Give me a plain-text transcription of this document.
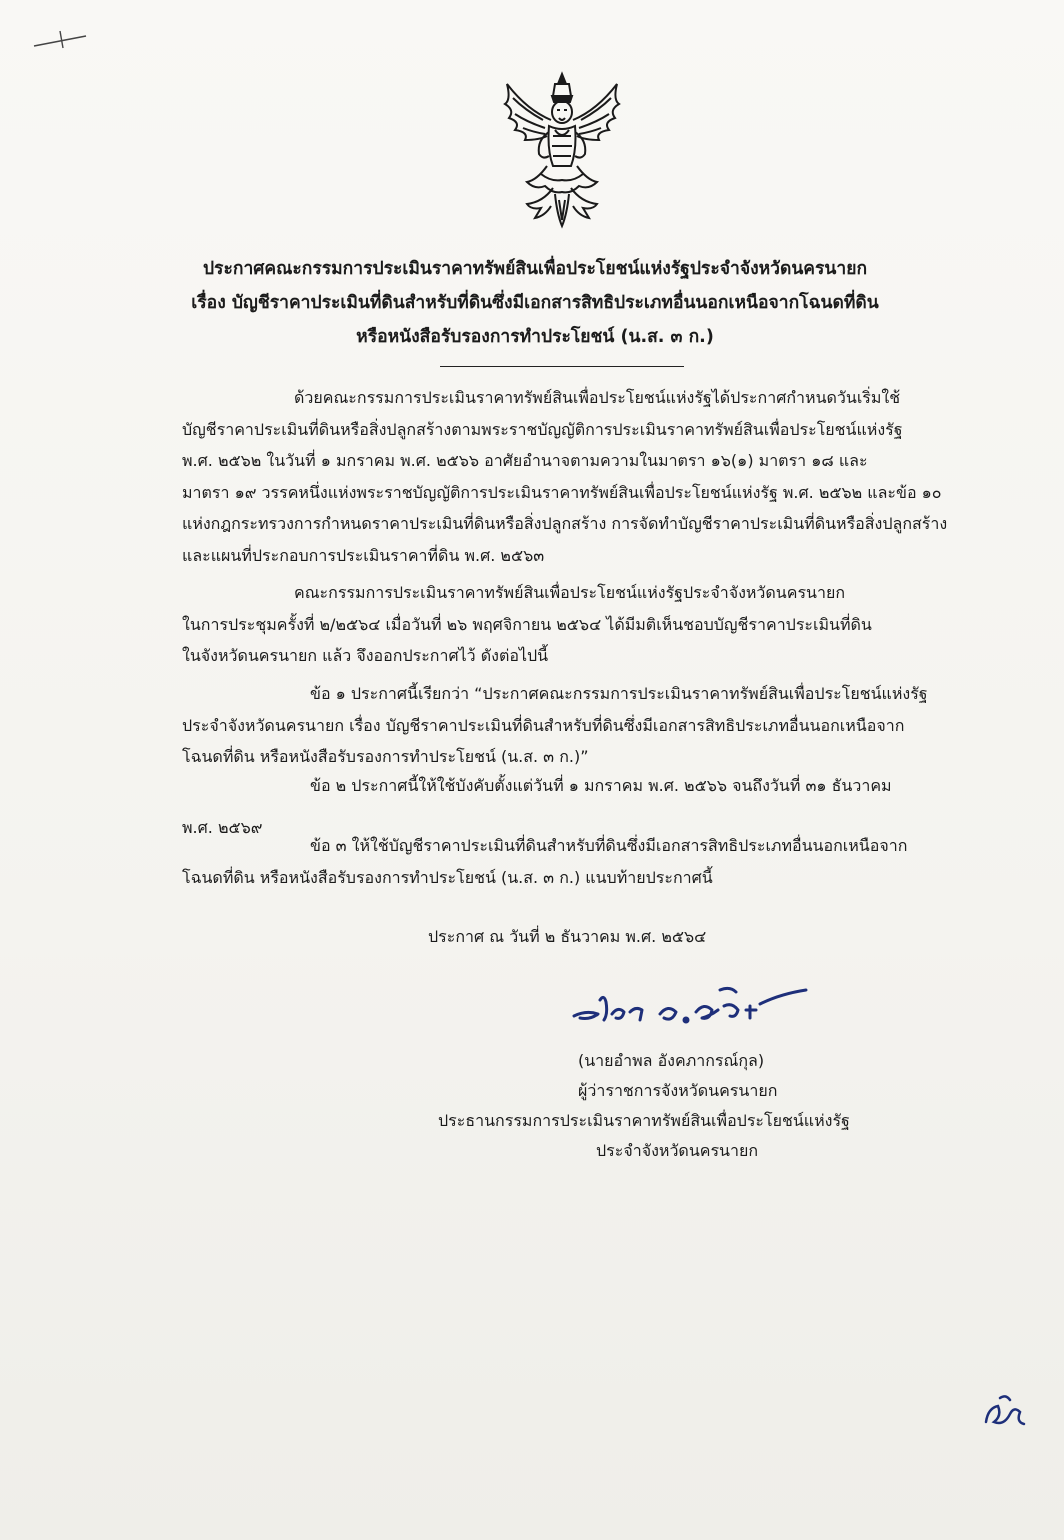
ประกาศคณะกรรมการประเมินราคาทรัพย์สินเพื่อประโยชน์แห่งรัฐประจำจังหวัดนครนายก
เรื่อง บัญชีราคาประเมินที่ดินสำหรับที่ดินซึ่งมีเอกสารสิทธิประเภทอื่นนอกเหนือจากโฉนดที่ดิน
หรือหนังสือรับรองการทำประโยชน์ (น.ส. ๓ ก.)
ด้วยคณะกรรมการประเมินราคาทรัพย์สินเพื่อประโยชน์แห่งรัฐได้ประกาศกำหนดวันเริ่มใช้
บัญชีราคาประเมินที่ดินหรือสิ่งปลูกสร้างตามพระราชบัญญัติการประเมินราคาทรัพย์สินเพื่อประโยชน์แห่งรัฐ
พ.ศ. ๒๕๖๒ ในวันที่ ๑ มกราคม พ.ศ. ๒๕๖๖ อาศัยอำนาจตามความในมาตรา ๑๖(๑) มาตรา ๑๘ และ
มาตรา ๑๙ วรรคหนึ่งแห่งพระราชบัญญัติการประเมินราคาทรัพย์สินเพื่อประโยชน์แห่งรัฐ พ.ศ. ๒๕๖๒ และข้อ ๑๐
แห่งกฎกระทรวงการกำหนดราคาประเมินที่ดินหรือสิ่งปลูกสร้าง การจัดทำบัญชีราคาประเมินที่ดินหรือสิ่งปลูกสร้าง
และแผนที่ประกอบการประเมินราคาที่ดิน พ.ศ. ๒๕๖๓
คณะกรรมการประเมินราคาทรัพย์สินเพื่อประโยชน์แห่งรัฐประจำจังหวัดนครนายก
ในการประชุมครั้งที่ ๒/๒๕๖๔ เมื่อวันที่ ๒๖ พฤศจิกายน ๒๕๖๔ ได้มีมติเห็นชอบบัญชีราคาประเมินที่ดิน
ในจังหวัดนครนายก แล้ว จึงออกประกาศไว้ ดังต่อไปนี้
ข้อ ๑ ประกาศนี้เรียกว่า “ประกาศคณะกรรมการประเมินราคาทรัพย์สินเพื่อประโยชน์แห่งรัฐ
ประจำจังหวัดนครนายก เรื่อง บัญชีราคาประเมินที่ดินสำหรับที่ดินซึ่งมีเอกสารสิทธิประเภทอื่นนอกเหนือจาก
โฉนดที่ดิน หรือหนังสือรับรองการทำประโยชน์ (น.ส. ๓ ก.)”
ข้อ ๒ ประกาศนี้ให้ใช้บังคับตั้งแต่วันที่ ๑ มกราคม พ.ศ. ๒๕๖๖ จนถึงวันที่ ๓๑ ธันวาคม
พ.ศ. ๒๕๖๙
ข้อ ๓ ให้ใช้บัญชีราคาประเมินที่ดินสำหรับที่ดินซึ่งมีเอกสารสิทธิประเภทอื่นนอกเหนือจาก
โฉนดที่ดิน หรือหนังสือรับรองการทำประโยชน์ (น.ส. ๓ ก.) แนบท้ายประกาศนี้
ประกาศ ณ วันที่ ๒ ธันวาคม พ.ศ. ๒๕๖๔
(นายอำพล อังคภากรณ์กุล)
ผู้ว่าราชการจังหวัดนครนายก
ประธานกรรมการประเมินราคาทรัพย์สินเพื่อประโยชน์แห่งรัฐ
ประจำจังหวัดนครนายก
